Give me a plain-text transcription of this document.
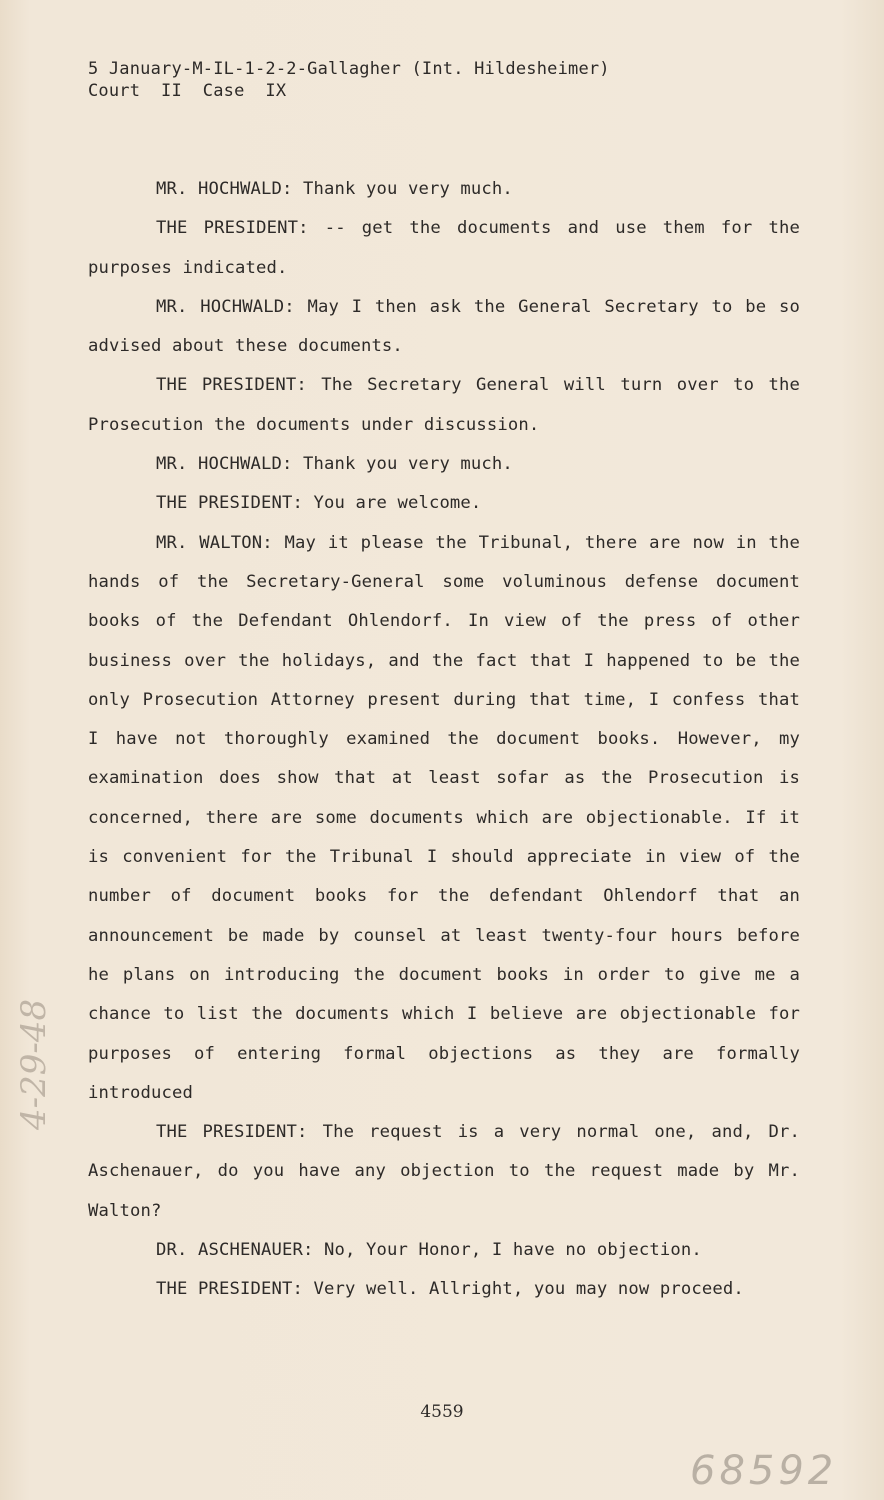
5 January-M-IL-1-2-2-Gallagher (Int. Hildesheimer)
Court  II  Case  IX

MR. HOCHWALD: Thank you very much.

THE PRESIDENT: -- get the documents and use them for the purposes indicated.

MR. HOCHWALD: May I then ask the General Secretary to be so advised about these documents.

THE PRESIDENT: The Secretary General will turn over to the Prosecution the documents under discussion.

MR. HOCHWALD: Thank you very much.

THE PRESIDENT: You are welcome.

MR. WALTON: May it please the Tribunal, there are now in the hands of the Secretary-General some voluminous defense document books of the Defendant Ohlendorf. In view of the press of other business over the holidays, and the fact that I happened to be the only Prosecution Attorney present during that time, I confess that I have not thoroughly examined the document books. However, my examination does show that at least sofar as the Prosecution is concerned, there are some documents which are objectionable. If it is convenient for the Tribunal I should appreciate in view of the number of document books for the defendant Ohlendorf that an announcement be made by counsel at least twenty-four hours before he plans on introducing the document books in order to give me a chance to list the documents which I believe are objectionable for purposes of entering formal objections as they are formally introduced

THE PRESIDENT: The request is a very normal one, and, Dr. Aschenauer, do you have any objection to the request made by Mr. Walton?

DR. ASCHENAUER: No, Your Honor, I have no objection.

THE PRESIDENT: Very well. Allright, you may now proceed.

4-29-48
4559
68592
